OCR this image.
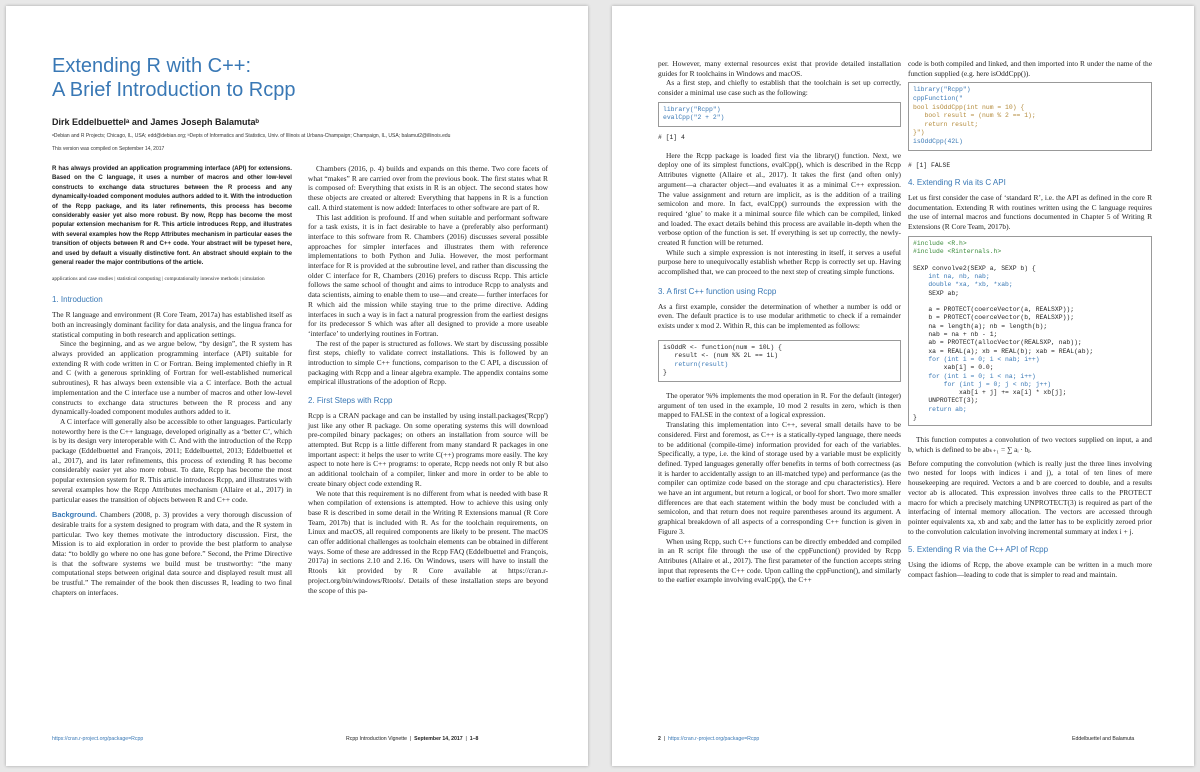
Extending R with C++:
A Brief Introduction to Rcpp
Dirk Eddelbuettelᵃ and James Joseph Balamutaᵇ
ᵃDebian and R Projects; Chicago, IL, USA; edd@debian.org; ᵇDepts of Informatics and Statistics, Univ. of Illinois at Urbana-Champaign; Champaign, IL, USA; balamut2@illinois.edu
This version was compiled on September 14, 2017
R has always provided an application programming interface (API) for extensions. Based on the C language, it uses a number of macros and other low-level constructs to exchange data structures between the R process and any dynamically-loaded component modules authors added to it. With the introduction of the Rcpp package, and its later refinements, this process has become considerably easier yet also more robust. By now, Rcpp has become the most popular extension mechanism for R. This article introduces Rcpp, and illustrates with several examples how the Rcpp Attributes mechanism in particular eases the transition of objects between R and C++ code. Your abstract will be typeset here, and used by default a visually distinctive font. An abstract should explain to the general reader the major contributions of the article.
applications and case studies | statistical computing | computationally intensive methods | simulation
1. Introduction

The R language and environment (R Core Team, 2017a) has established itself as both an increasingly dominant facility for data analysis, and the lingua franca for statistical computing in both research and application settings.

Since the beginning, and as we argue below, “by design”, the R system has always provided an application programming interface (API) suitable for extending R with code written in C or Fortran. Being implemented chiefly in R and C (with a generous sprinkling of Fortran for well-established numerical subroutines), R has always been extensible via a C interface. Both the actual implementation and the C interface use a number of macros and other low-level constructs to exchange data structures between the R process and any dynamically-loaded component modules authors added to it.

A C interface will generally also be accessible to other languages. Particularly noteworthy here is the C++ language, developed originally as a ‘better C’, which is by its design very interoperable with C. And with the introduction of the Rcpp package (Eddelbuettel and François, 2011; Eddelbuettel, 2013; Eddelbuettel et al., 2017), and its later refinements, this process of extending R has become considerably easier yet also more robust. To date, Rcpp has become the most popular extension system for R. This article introduces Rcpp, and illustrates with several examples how the Rcpp Attributes mechanism (Allaire et al., 2017) in particular eases the transition of objects between R and C++ code.

Background. Chambers (2008, p. 3) provides a very thorough discussion of desirable traits for a system designed to program with data, and the R system in particular. Two key themes motivate the introductory discussion. First, the Mission is to aid exploration in order to provide the best platform to analyse data: “to boldly go where no one has gone before.” Second, the Prime Directive is that the software systems we build must be trustworthy: “the many computational steps between original data source and displayed result must all be trustful.” The remainder of the book then discusses R, leading to two final chapters on interfaces.

Chambers (2016, p. 4) builds and expands on this theme. Two core facets of what “makes” R are carried over from the previous book. The first states what R is composed of: Everything that exists in R is an object. The second states how these objects are created or altered: Everything that happens in R is a function call. A third statement is now added: Interfaces to other software are part of R.

This last addition is profound. If and when suitable and performant software for a task exists, it is in fact desirable to have a (preferably also performant) interface to this software from R. Chambers (2016) discusses several possible approaches for simpler interfaces and illustrates them with reference implementations to both Python and Julia. However, the most performant interface for R is provided at the subroutine level, and rather than discussing the older C interface for R, Chambers (2016) prefers to discuss Rcpp. This article follows the same school of thought and aims to introduce Rcpp to analysts and data scientists, aiming to enable them to use—and create— further interfaces for R which aid the mission while staying true to the prime directive. Adding interfaces in such a way is in fact a natural progression from the earliest designs for its predecessor S which was after all designed to provide a more useable ‘interface’ to underlying routines in Fortran.

The rest of the paper is structured as follows. We start by discussing possible first steps, chiefly to validate correct installations. This is followed by an introduction to simple C++ functions, comparison to the C API, a discussion of packaging with Rcpp and a linear algebra example. The appendix contains some empirical illustrations of the adoption of Rcpp.

2. First Steps with Rcpp

Rcpp is a CRAN package and can be installed by using install.packages('Rcpp') just like any other R package. On some operating systems this will download pre-compiled binary packages; on others an installation from source will be attempted. But Rcpp is a little different from many standard R packages in one important aspect: it helps the user to write C(++) programs more easily. The key aspect to note here is C++ programs: to operate, Rcpp needs not only R but also an additional toolchain of a compiler, linker and more in order to be able to create binary object code extending R.

We note that this requirement is no different from what is needed with base R when compilation of extensions is attempted. How to achieve this using only base R is described in some detail in the Writing R Extensions manual (R Core Team, 2017b) that is included with R. As for the toolchain requirements, on Linux and macOS, all required components are likely to be present. The macOS can offer additional challenges as toolchain elements can be obtained in different ways. Some of these are addressed in the Rcpp FAQ (Eddelbuettel and François, 2017a) in sections 2.10 and 2.16. On Windows, users will have to install the Rtools kit provided by R Core available at https://cran.r-project.org/bin/windows/Rtools/. Details of these installation steps are beyond the scope of this pa-

https://cran.r-project.org/package=Rcpp	Rcpp Introduction Vignette  |  September 14, 2017  |  1–8

per. However, many external resources exist that provide detailed installation guides for R toolchains in Windows and macOS.

As a first step, and chiefly to establish that the toolchain is set up correctly, consider a minimal use case such as the following:

library("Rcpp")
evalCpp("2 + 2")
# [1] 4

Here the Rcpp package is loaded first via the library() function. Next, we deploy one of its simplest functions, evalCpp(), which is described in the Rcpp Attributes vignette (Allaire et al., 2017). It takes the first (and often only) argument—a character object—and evaluates it as a minimal C++ expression. The value assignment and return are implicit, as is the addition of a trailing semicolon and more. In fact, evalCpp() surrounds the expression with the required ‘glue’ to make it a minimal source file which can be compiled, linked and loaded. The exact details behind this process are available in-depth when the verbose option of the function is set. If everything is set up correctly, the newly-created R function will be returned.

While such a simple expression is not interesting in itself, it serves a useful purpose here to unequivocally establish whether Rcpp is correctly set up. Having accomplished that, we can proceed to the next step of creating simple functions.

3. A first C++ function using Rcpp

As a first example, consider the determination of whether a number is odd or even. The default practice is to use modular arithmetic to check if a remainder exists under x mod 2. Within R, this can be implemented as follows:

isOddR <- function(num = 10L) {
result <- (num %% 2L == 1L)
return(result)
}

The operator %% implements the mod operation in R. For the default (integer) argument of ten used in the example, 10 mod 2 results in zero, which is then mapped to FALSE in the context of a logical expression.

Translating this implementation into C++, several small details have to be considered. First and foremost, as C++ is a statically-typed language, there needs to be additional (compile-time) information provided for each of the variables. Specifically, a type, i.e. the kind of storage used by a variable must be explicitly defined. Typed languages generally offer benefits in terms of both correctness (as it is harder to accidentally assign to an ill-matched type) and performance (as the compiler can optimize code based on the storage and cpu characteristics). Here we have an int argument, but return a logical, or bool for short. Two more smaller differences are that each statement within the body must be concluded with a semicolon, and that return does not require parentheses around its argument. A graphical breakdown of all aspects of a corresponding C++ function is given in Figure 3.

When using Rcpp, such C++ functions can be directly embedded and compiled in an R script file through the use of the cppFunction() provided by Rcpp Attributes (Allaire et al., 2017). The first parameter of the function accepts string input that represents the C++ code. Upon calling the cppFunction(), and similarly to the earlier example involving evalCpp(), the C++

code is both compiled and linked, and then imported into R under the name of the function supplied (e.g. here isOddCpp()).

library("Rcpp")
cppFunction("
bool isOddCpp(int num = 10) {
bool result = (num % 2 == 1);
return result;
}")
isOddCpp(42L)
# [1] FALSE
4. Extending R via its C API

Let us first consider the case of ‘standard R’, i.e. the API as defined in the core R documentation. Extending R with routines written using the C language requires the use of internal macros and functions documented in Chapter 5 of Writing R Extensions (R Core Team, 2017b).

#include <R.h>
#include <Rinternals.h>

SEXP convolve2(SEXP a, SEXP b) {
int na, nb, nab;
double *xa, *xb, *xab;
SEXP ab;

a = PROTECT(coerceVector(a, REALSXP));
b = PROTECT(coerceVector(b, REALSXP));
na = length(a); nb = length(b);
nab = na + nb - 1;
ab = PROTECT(allocVector(REALSXP, nab));
xa = REAL(a); xb = REAL(b); xab = REAL(ab);
for (int i = 0; i < nab; i++)
xab[i] = 0.0;
for (int i = 0; i < na; i++)
for (int j = 0; j < nb; j++)
xab[i + j] += xa[i] * xb[j];
UNPROTECT(3);
return ab;
}

This function computes a convolution of two vectors supplied on input, a and b, which is defined to be abₖ₊₁ = ∑ aᵢ · bⱼ.

Before computing the convolution (which is really just the three lines involving two nested for loops with indices i and j), a total of ten lines of mere housekeeping are required. Vectors a and b are coerced to double, and a results vector ab is allocated. This expression involves three calls to the PROTECT macro for which a precisely matching UNPROTECT(3) is required as part of the interfacing of internal memory allocation. The vectors are accessed through pointer equivalents xa, xb and xab; and the latter has to be explicitly zeroed prior to the convolution calculation involving incremental summary at index i + j.

5. Extending R via the C++ API of Rcpp

Using the idioms of Rcpp, the above example can be written in a much more compact fashion—leading to code that is simpler to read and maintain.

2  |  https://cran.r-project.org/package=Rcpp	Eddelbuettel and Balamuta
